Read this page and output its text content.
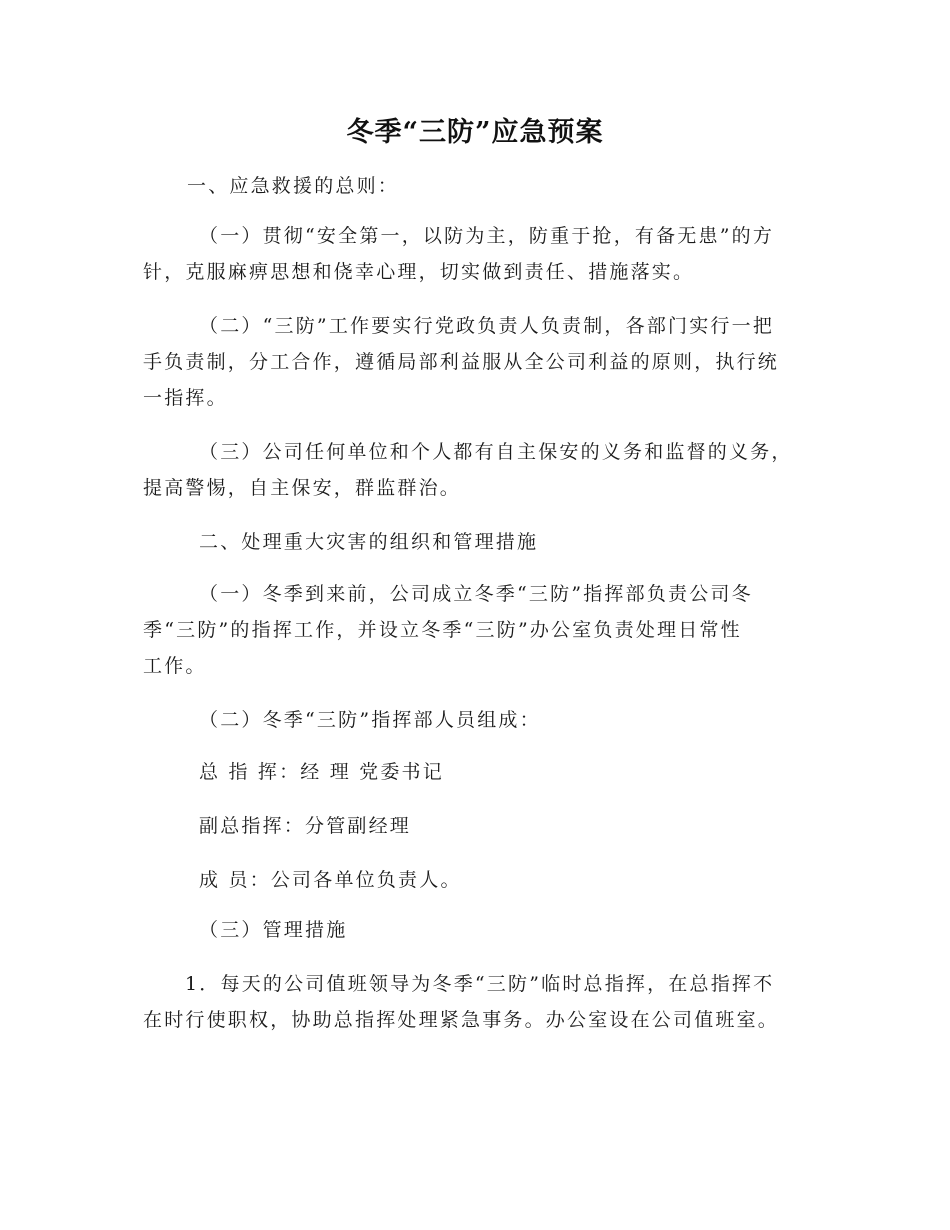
冬季“三防”应急预案

一、应急救援的总则：

（一）贯彻“安全第一，以防为主，防重于抢，有备无患”的方
针，克服麻痹思想和侥幸心理，切实做到责任、措施落实。

（二）“三防”工作要实行党政负责人负责制，各部门实行一把
手负责制，分工合作，遵循局部利益服从全公司利益的原则，执行统
一指挥。

（三）公司任何单位和个人都有自主保安的义务和监督的义务，
提高警惕，自主保安，群监群治。

二、处理重大灾害的组织和管理措施

（一）冬季到来前，公司成立冬季“三防”指挥部负责公司冬
季“三防”的指挥工作，并设立冬季“三防”办公室负责处理日常性
工作。

（二）冬季“三防”指挥部人员组成：

总 指 挥：经 理 党委书记

副总指挥：分管副经理

成 员：公司各单位负责人。

（三）管理措施

1．每天的公司值班领导为冬季“三防”临时总指挥，在总指挥不
在时行使职权，协助总指挥处理紧急事务。办公室设在公司值班室。
